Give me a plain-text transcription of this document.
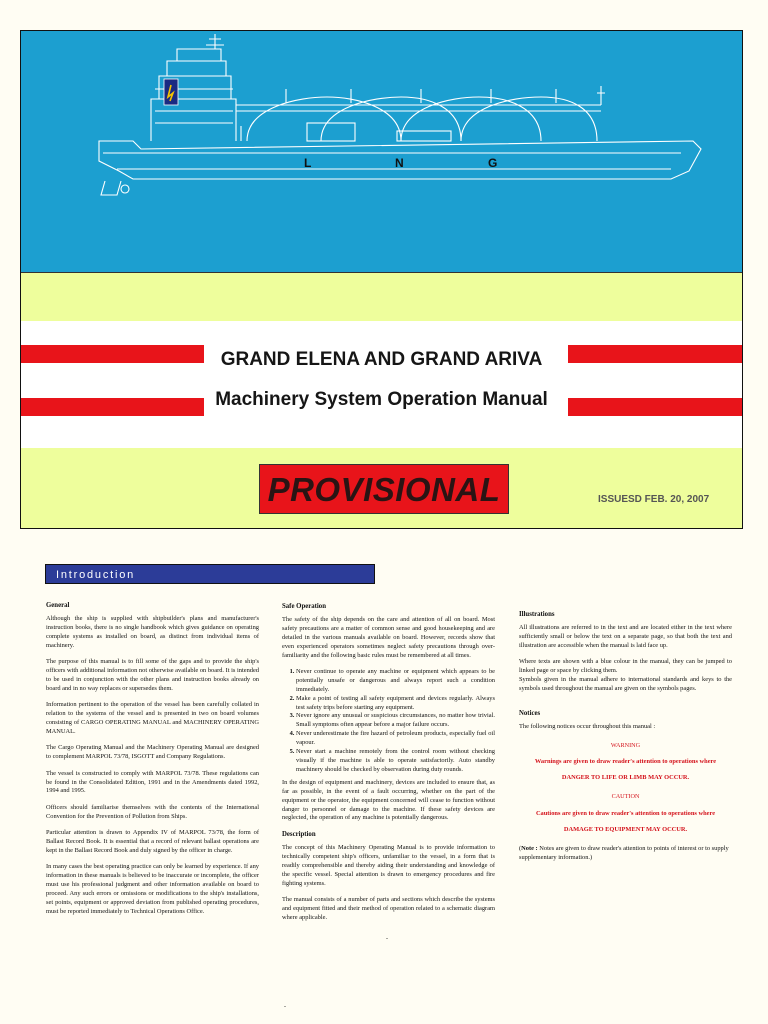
L	N	G
GRAND ELENA AND GRAND ARIVA
Machinery System Operation Manual
PROVISIONAL	ISSUESD FEB. 20, 2007
Introduction
General

Although the ship is supplied with shipbuilder's plans and manufacturer's instruction books, there is no single handbook which gives guidance on operating complete systems as installed on board, as distinct from individual items of machinery.

The purpose of this manual is to fill some of the gaps and to provide the ship's officers with additional information not otherwise available on board. It is intended to be used in conjunction with the other plans and instruction books already on board and in no way replaces or supersedes them.

Information pertinent to the operation of the vessel has been carefully collated in relation to the systems of the vessel and is presented in two on board volumes consisting of CARGO OPERATING MANUAL and MACHINERY OPERATING MANUAL.

The Cargo Operating Manual and the Machinery Operating Manual are designed to complement MARPOL 73/78, ISGOTT and Company Regulations.

The vessel is constructed to comply with MARPOL 73/78. These regulations can be found in the Consolidated Edition, 1991 and in the Amendments dated 1992, 1994 and 1995.

Officers should familiarise themselves with the contents of the International Convention for the Prevention of Pollution from Ships.

Particular attention is drawn to Appendix IV of MARPOL 73/78, the form of Ballast Record Book. It is essential that a record of relevant ballast operations are kept in the Ballast Record Book and duly signed by the officer in charge.

In many cases the best operating practice can only be learned by experience. If any information in these manuals is believed to be inaccurate or incomplete, the officer must use his professional judgment and other information available on board to proceed. Any such errors or omissions or modifications to the ship's installations, set points, equipment or approved deviation from published operating procedures, must be reported immediately to Technical Operations Office.

Safe Operation

The safety of the ship depends on the care and attention of all on board. Most safety precautions are a matter of common sense and good housekeeping and are detailed in the various manuals available on board. However, records show that even experienced operators sometimes neglect safety precautions through over-familiarity and the following basic rules must be remembered at all times.

1. Never continue to operate any machine or equipment which appears to be potentially unsafe or dangerous and always report such a condition immediately.
2. Make a point of testing all safety equipment and devices regularly. Always test safety trips before starting any equipment.
3. Never ignore any unusual or suspicious circumstances, no matter how trivial. Small symptoms often appear before a major failure occurs.
4. Never underestimate the fire hazard of petroleum products, especially fuel oil vapour.
5. Never start a machine remotely from the control room without checking visually if the machine is able to operate satisfactorily. Auto standby machinery should be checked by observation during duty rounds.

In the design of equipment and machinery, devices are included to ensure that, as far as possible, in the event of a fault occurring, whether on the part of the equipment or the operator, the equipment concerned will cease to function without danger to personnel or damage to the machine. If these safety devices are neglected, the operation of any machine is potentially dangerous.

Description

The concept of this Machinery Operating Manual is to provide information to technically competent ship's officers, unfamiliar to the vessel, in a form that is readily comprehensible and thereby aiding their understanding and knowledge of the specific vessel. Special attention is drawn to emergency procedures and fire fighting systems.

The manual consists of a number of parts and sections which describe the systems and equipment fitted and their method of operation related to a schematic diagram where applicable.

Illustrations

All illustrations are referred to in the text and are located either in the text where sufficiently small or below the text on a separate page, so that both the text and illustration are accessible when the manual is laid face up.

Where texts are shown with a blue colour in the manual, they can be jumped to linked page or space by clicking them.

Symbols given in the manual adhere to international standards and keys to the symbols used throughout the manual are given on the symbols pages.

Notices

The following notices occur throughout this manual :

WARNING

Warnings are given to draw reader's attention to operations where

DANGER TO LIFE OR LIMB MAY OCCUR.

CAUTION

Cautions are given to draw reader's attention to operations where

DAMAGE TO EQUIPMENT MAY OCCUR.

(Note : Notes are given to draw reader's attention to points of interest or to supply supplementary information.)

.
.
